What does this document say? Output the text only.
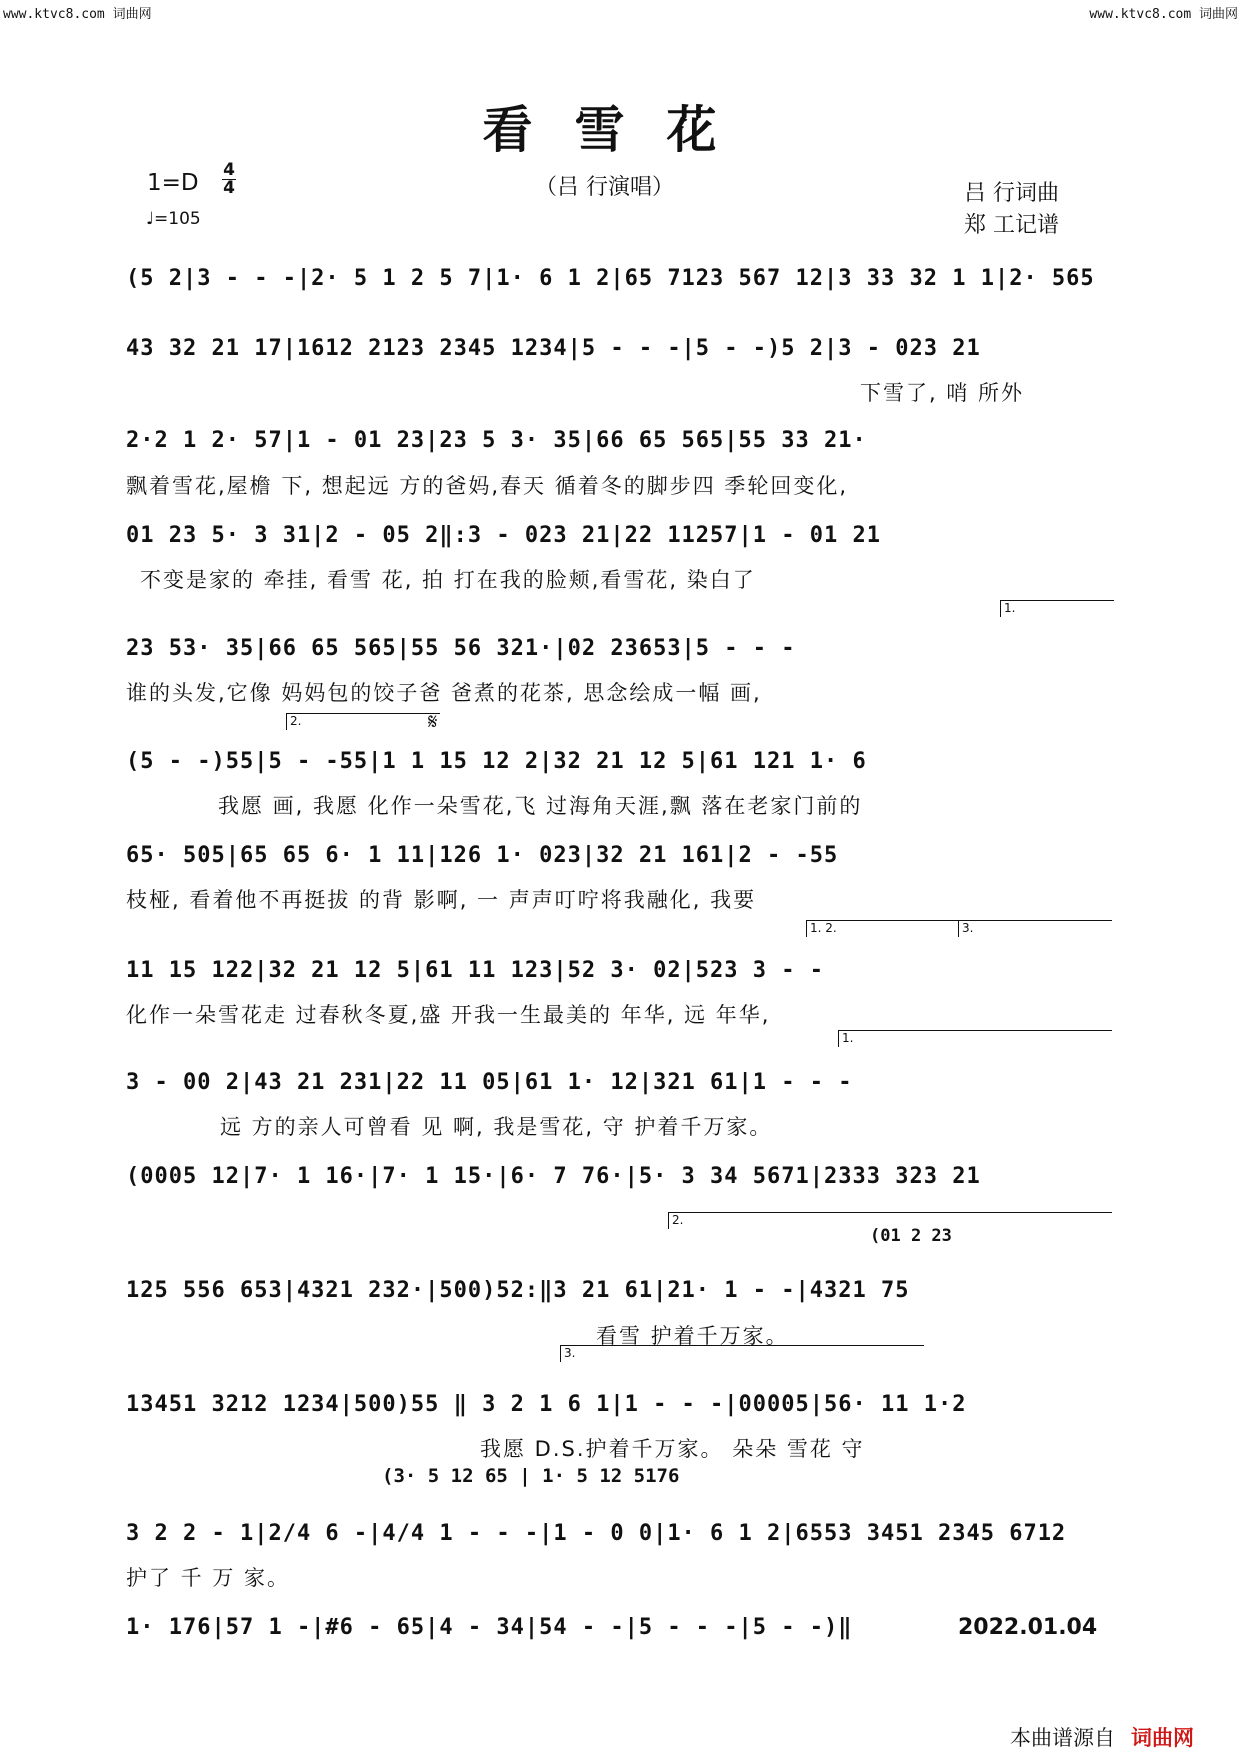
www.ktvc8.com 词曲网	www.ktvc8.com 词曲网
看雪花
（吕 行演唱）
1=D 4
4
♩=105
吕 行词曲
郑 工记谱
1.
2.	𝄋
1. 2.	3.
1.
2.
3.
(01 2 23
(3· 5 12 65 | 1· 5 12 5176
(5 2|3 - - -|2· 5 1 2 5 7|1· 6 1 2|65 7123 567 12|3 33 32 1 1|2· 565
43 32 21 17|1612 2123 2345 1234|5 - - -|5 - -)5 2|3 - 023 21
下雪了, 哨 所外
2·2 1 2· 57|1 - 01 23|23 5 3· 35|66 65 565|55 33 21·
飘着雪花,屋檐 下, 想起远 方的爸妈,春天 循着冬的脚步四 季轮回变化,
01 23 5· 3 31|2 - 05 2‖:3 - 023 21|22 11257|1 - 01 21
不变是家的 牵挂, 看雪 花, 拍 打在我的脸颊,看雪花, 染白了
23 53· 35|66 65 565|55 56 321·|02 23653|5 - - -
谁的头发,它像 妈妈包的饺子爸 爸煮的花茶, 思念绘成一幅 画,
(5 - -)55|5 - -55|1 1 15 12 2|32 21 12 5|61 121 1· 6
我愿 画, 我愿 化作一朵雪花,飞 过海角天涯,飘 落在老家门前的
65· 505|65 65 6· 1 11|126 1· 023|32 21 161|2 - -55
枝桠, 看着他不再挺拔 的背 影啊, 一 声声叮咛将我融化, 我要
11 15 122|32 21 12 5|61 11 123|52 3· 02|523 3 - -
化作一朵雪花走 过春秋冬夏,盛 开我一生最美的 年华, 远 年华,
3 - 00 2|43 21 231|22 11 05|61 1· 12|321 61|1 - - -
远 方的亲人可曾看 见 啊, 我是雪花, 守 护着千万家。
(0005 12|7· 1 16·|7· 1 15·|6· 7 76·|5· 3 34 5671|2333 323 21
125 556 653|4321 232·|500)52:‖3 21 61|21· 1 - -|4321 75
看雪 护着千万家。
13451 3212 1234|500)55 ‖ 3 2 1 6 1|1 - - -|00005|56· 11 1·2
我愿 D.S.护着千万家。 朵朵 雪花 守
3 2 2 - 1|2/4 6 -|4/4 1 - - -|1 - 0 0|1· 6 1 2|6553 3451 2345 6712
护了 千 万 家。
1· 176|57 1 -|#6 - 65|4 - 34|54 - -|5 - - -|5 - -)‖	2022.01.04
本曲谱源自 词曲网
